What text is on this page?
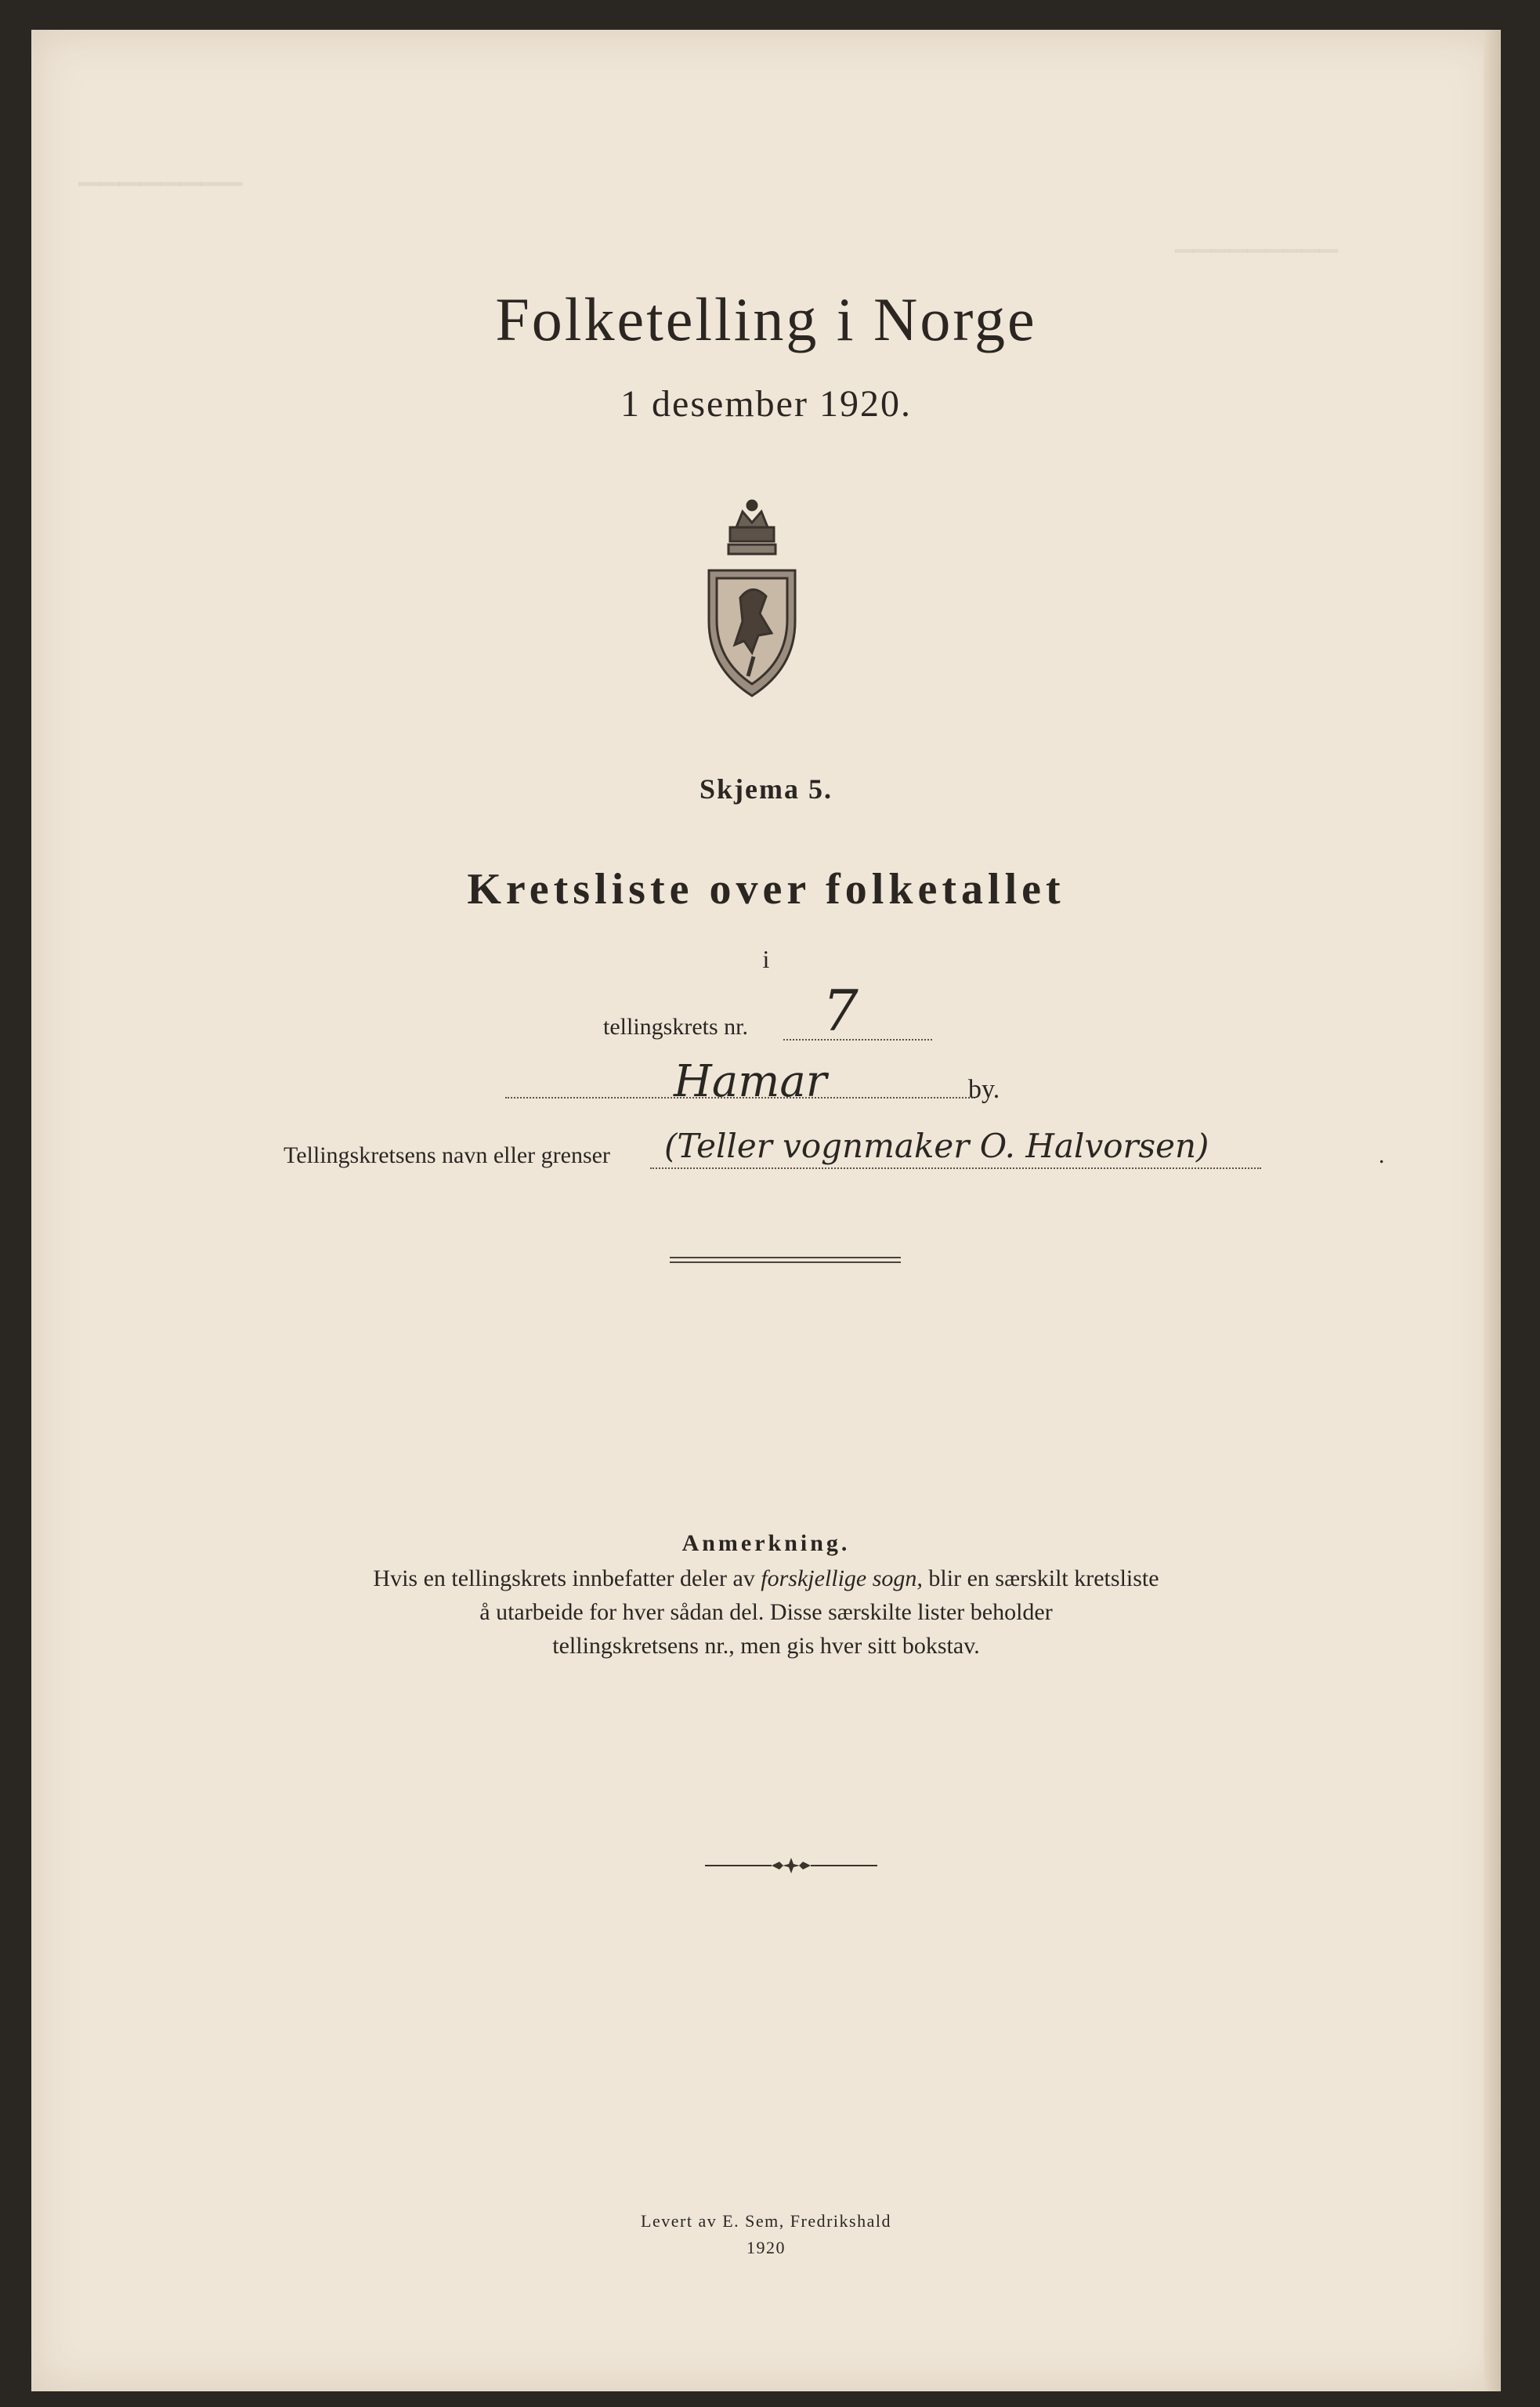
▁▁▁▁▁▁▁▁
▁▁▁▁▁▁▁▁▁
Folketelling i Norge
1 desember 1920.
Skjema 5.
Kretsliste over folketallet
i
tellingskrets nr. 7
Hamar	by.
Tellingskretsens navn eller grenser (Teller vognmaker O. Halvorsen)	.
Anmerkning.
Hvis en tellingskrets innbefatter deler av forskjellige sogn, blir en særskilt kretsliste
å utarbeide for hver sådan del. Disse særskilte lister beholder
tellingskretsens nr., men gis hver sitt bokstav.
Levert av E. Sem, Fredrikshald
1920
